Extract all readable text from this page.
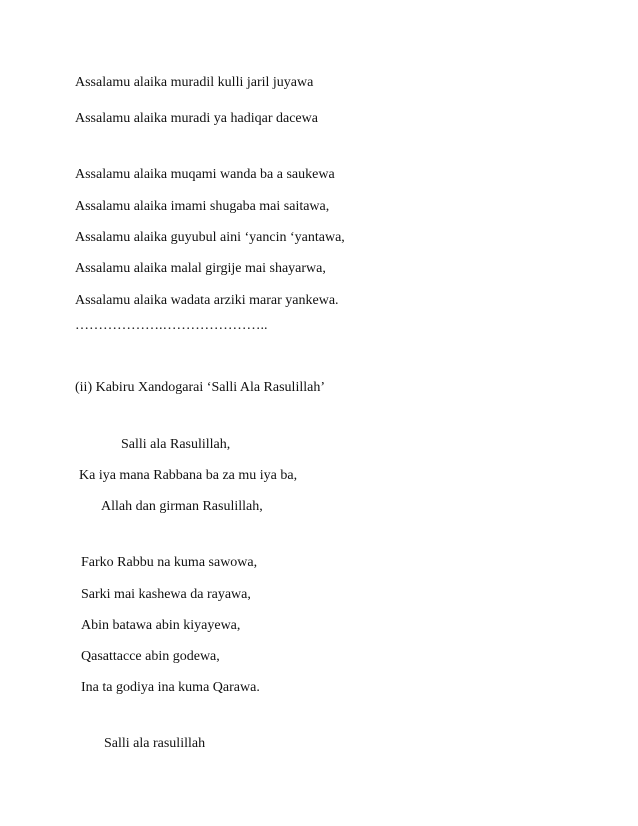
Assalamu alaika muradil kulli jaril juyawa
Assalamu alaika muradi ya hadiqar dacewa
Assalamu alaika muqami wanda ba a saukewa
Assalamu alaika imami shugaba mai saitawa,
Assalamu alaika guyubul aini ‘yancin ‘yantawa,
Assalamu alaika malal girgije mai shayarwa,
Assalamu alaika wadata arziki marar yankewa.
……………….…………………..
(ii) Kabiru Xandogarai ‘Salli Ala Rasulillah’
Salli ala Rasulillah,
Ka iya mana Rabbana ba za mu iya ba,
Allah dan girman Rasulillah,
Farko Rabbu na kuma sawowa,
Sarki mai kashewa da rayawa,
Abin batawa abin kiyayewa,
Qasattacce abin godewa,
Ina ta godiya ina kuma Qarawa.
Salli ala rasulillah
